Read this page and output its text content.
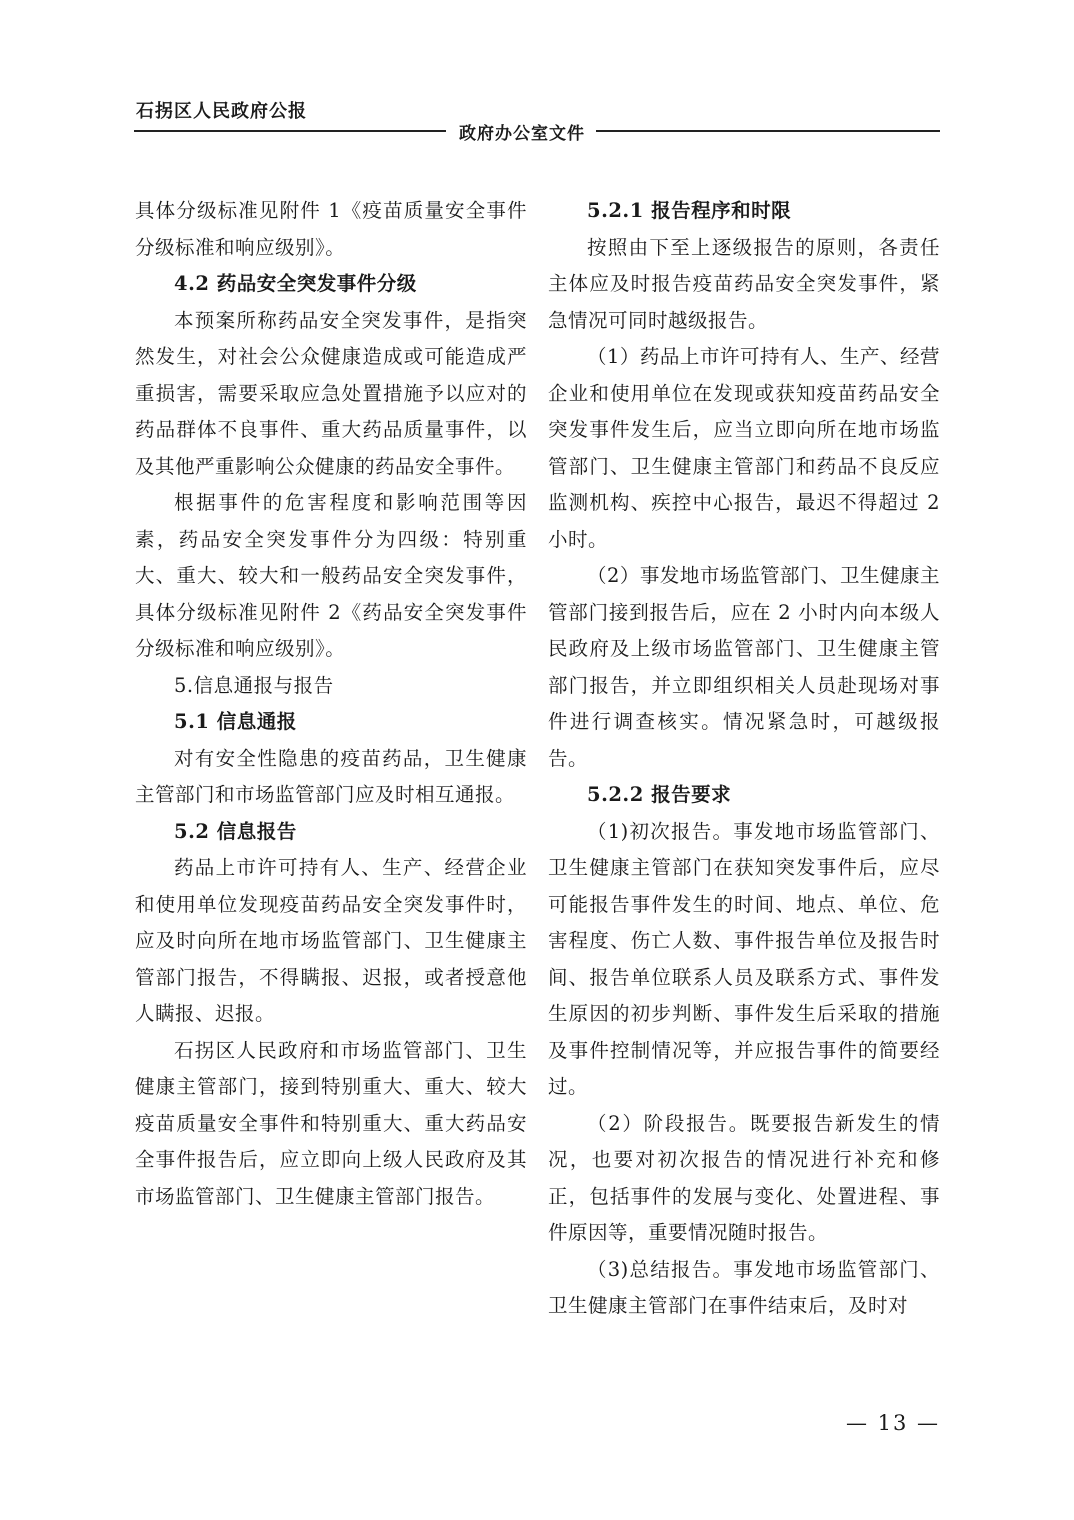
石拐区人民政府公报
政府办公室文件

具体分级标准见附件 1《疫苗质量安全事件分级标准和响应级别》。

4.2 药品安全突发事件分级

本预案所称药品安全突发事件，是指突然发生，对社会公众健康造成或可能造成严重损害，需要采取应急处置措施予以应对的药品群体不良事件、重大药品质量事件，以及其他严重影响公众健康的药品安全事件。

根据事件的危害程度和影响范围等因素，药品安全突发事件分为四级：特别重大、重大、较大和一般药品安全突发事件，具体分级标准见附件 2《药品安全突发事件分级标准和响应级别》。

5.信息通报与报告

5.1 信息通报

对有安全性隐患的疫苗药品，卫生健康主管部门和市场监管部门应及时相互通报。

5.2 信息报告

药品上市许可持有人、生产、经营企业和使用单位发现疫苗药品安全突发事件时，应及时向所在地市场监管部门、卫生健康主管部门报告，不得瞒报、迟报，或者授意他人瞒报、迟报。

石拐区人民政府和市场监管部门、卫生健康主管部门，接到特别重大、重大、较大疫苗质量安全事件和特别重大、重大药品安全事件报告后，应立即向上级人民政府及其市场监管部门、卫生健康主管部门报告。

5.2.1 报告程序和时限

按照由下至上逐级报告的原则，各责任主体应及时报告疫苗药品安全突发事件，紧急情况可同时越级报告。

（1）药品上市许可持有人、生产、经营企业和使用单位在发现或获知疫苗药品安全突发事件发生后，应当立即向所在地市场监管部门、卫生健康主管部门和药品不良反应监测机构、疾控中心报告，最迟不得超过 2 小时。

（2）事发地市场监管部门、卫生健康主管部门接到报告后，应在 2 小时内向本级人民政府及上级市场监管部门、卫生健康主管部门报告，并立即组织相关人员赴现场对事件进行调查核实。情况紧急时，可越级报告。

5.2.2 报告要求

（1)初次报告。事发地市场监管部门、卫生健康主管部门在获知突发事件后，应尽可能报告事件发生的时间、地点、单位、危害程度、伤亡人数、事件报告单位及报告时间、报告单位联系人员及联系方式、事件发生原因的初步判断、事件发生后采取的措施及事件控制情况等，并应报告事件的简要经过。

（2）阶段报告。既要报告新发生的情况，也要对初次报告的情况进行补充和修正，包括事件的发展与变化、处置进程、事件原因等，重要情况随时报告。

（3)总结报告。事发地市场监管部门、卫生健康主管部门在事件结束后，及时对

— 13 —
